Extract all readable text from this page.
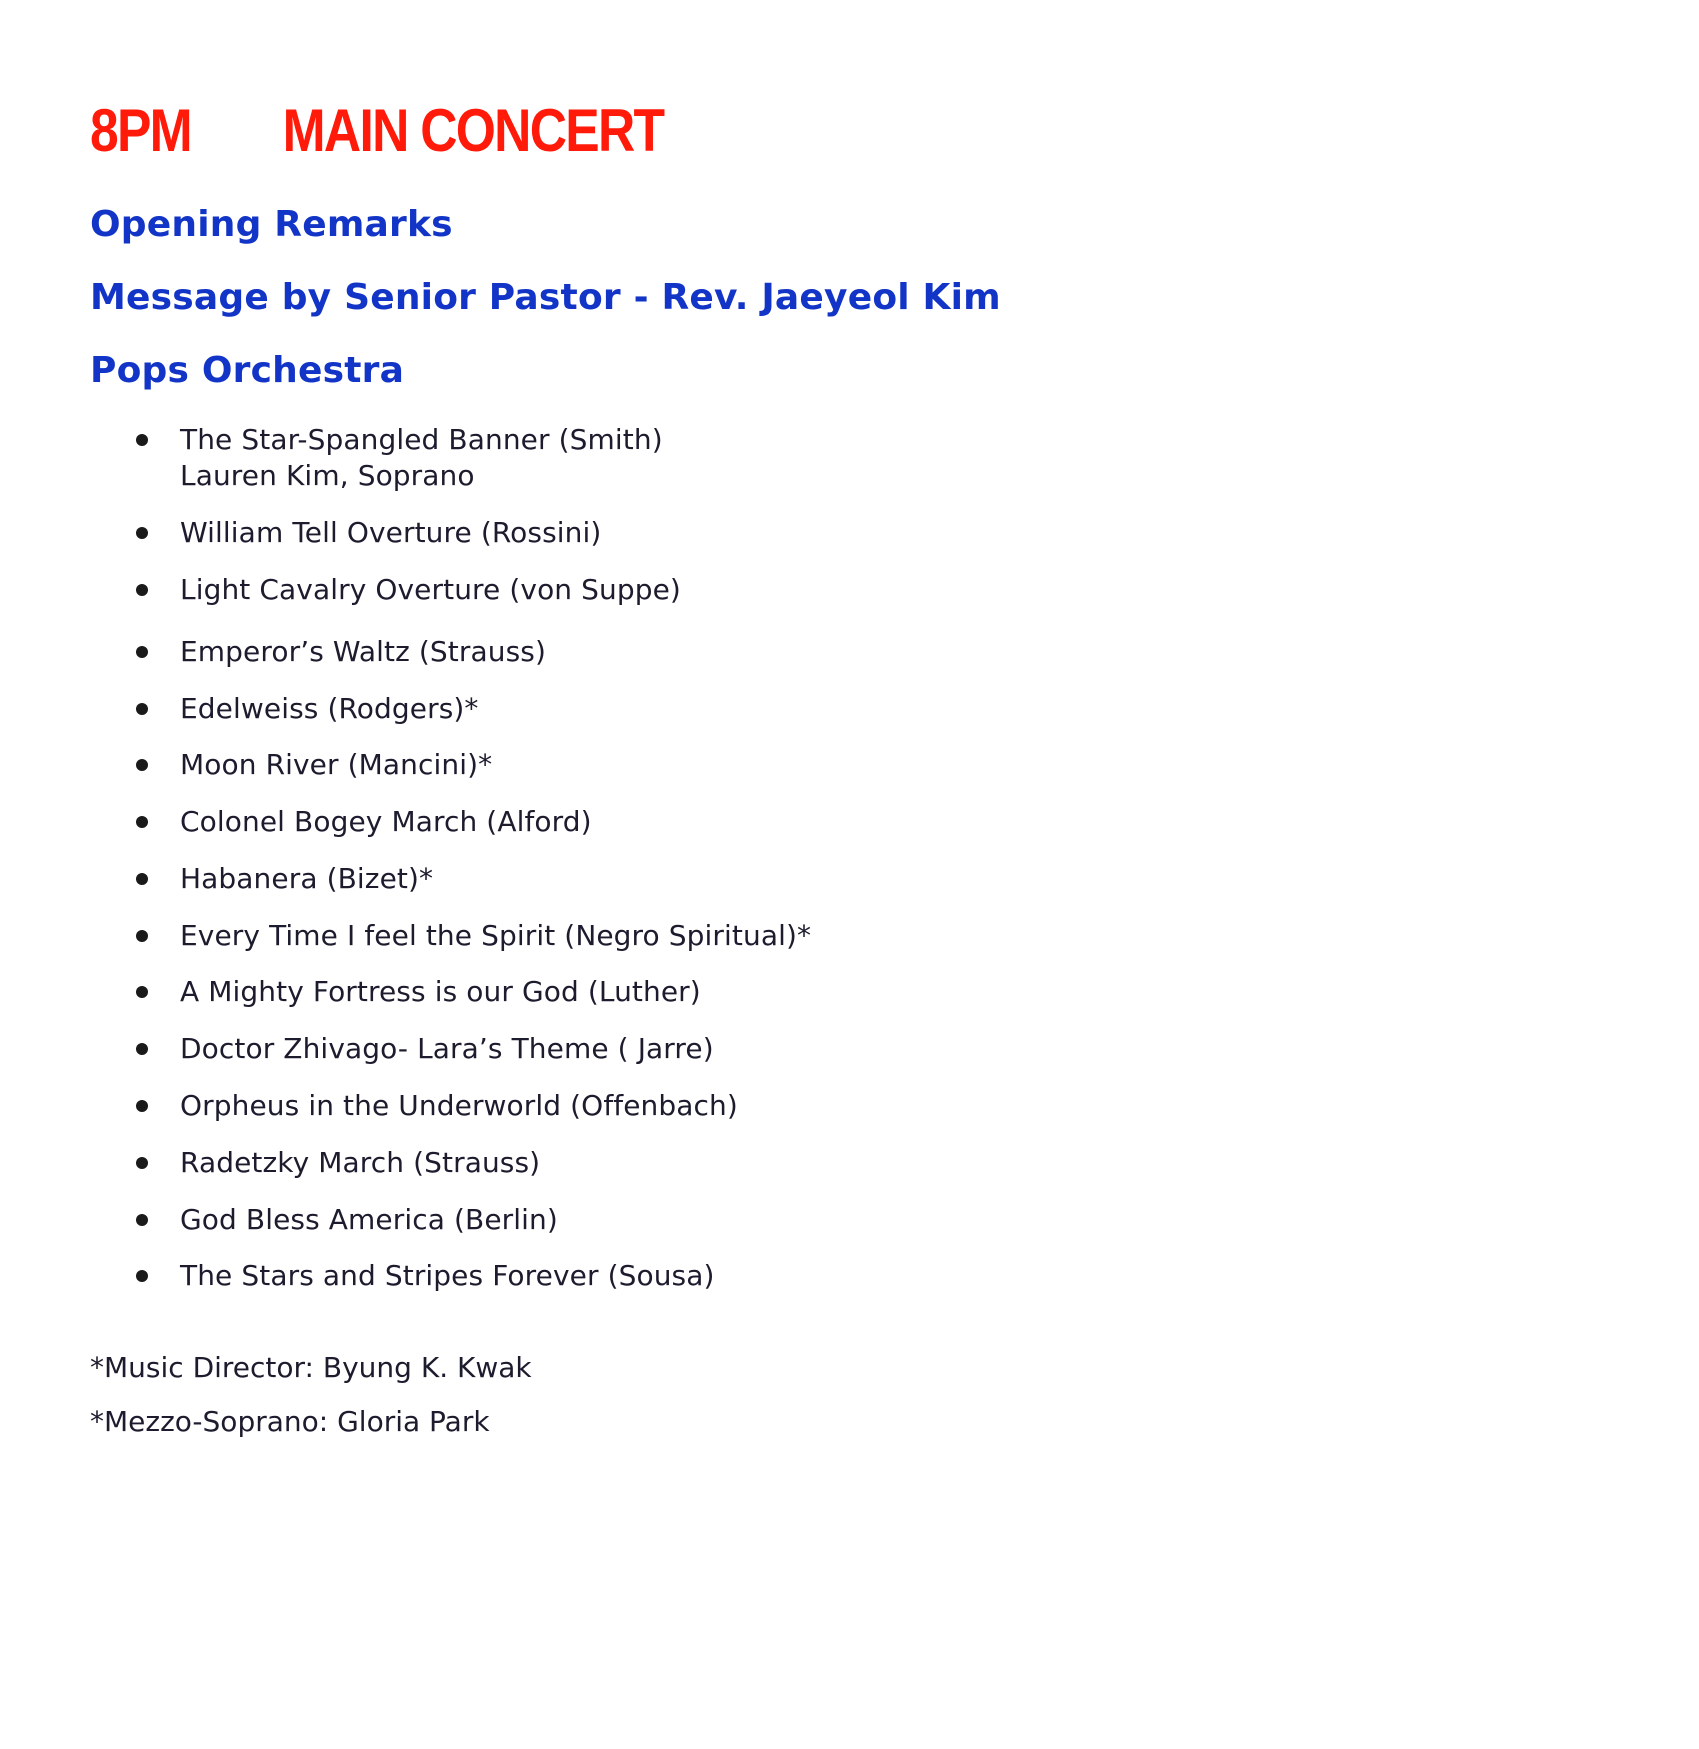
8PM MAIN CONCERT
Opening Remarks
Message by Senior Pastor - Rev. Jaeyeol Kim
Pops Orchestra
The Star-Spangled Banner (Smith)
Lauren Kim, Soprano
William Tell Overture (Rossini)
Light Cavalry Overture (von Suppe)
Emperor’s Waltz (Strauss)
Edelweiss (Rodgers)*
Moon River (Mancini)*
Colonel Bogey March (Alford)
Habanera (Bizet)*
Every Time I feel the Spirit (Negro Spiritual)*
A Mighty Fortress is our God (Luther)
Doctor Zhivago- Lara’s Theme ( Jarre)
Orpheus in the Underworld (Offenbach)
Radetzky March (Strauss)
God Bless America (Berlin)
The Stars and Stripes Forever (Sousa)
*Music Director: Byung K. Kwak
*Mezzo-Soprano: Gloria Park
